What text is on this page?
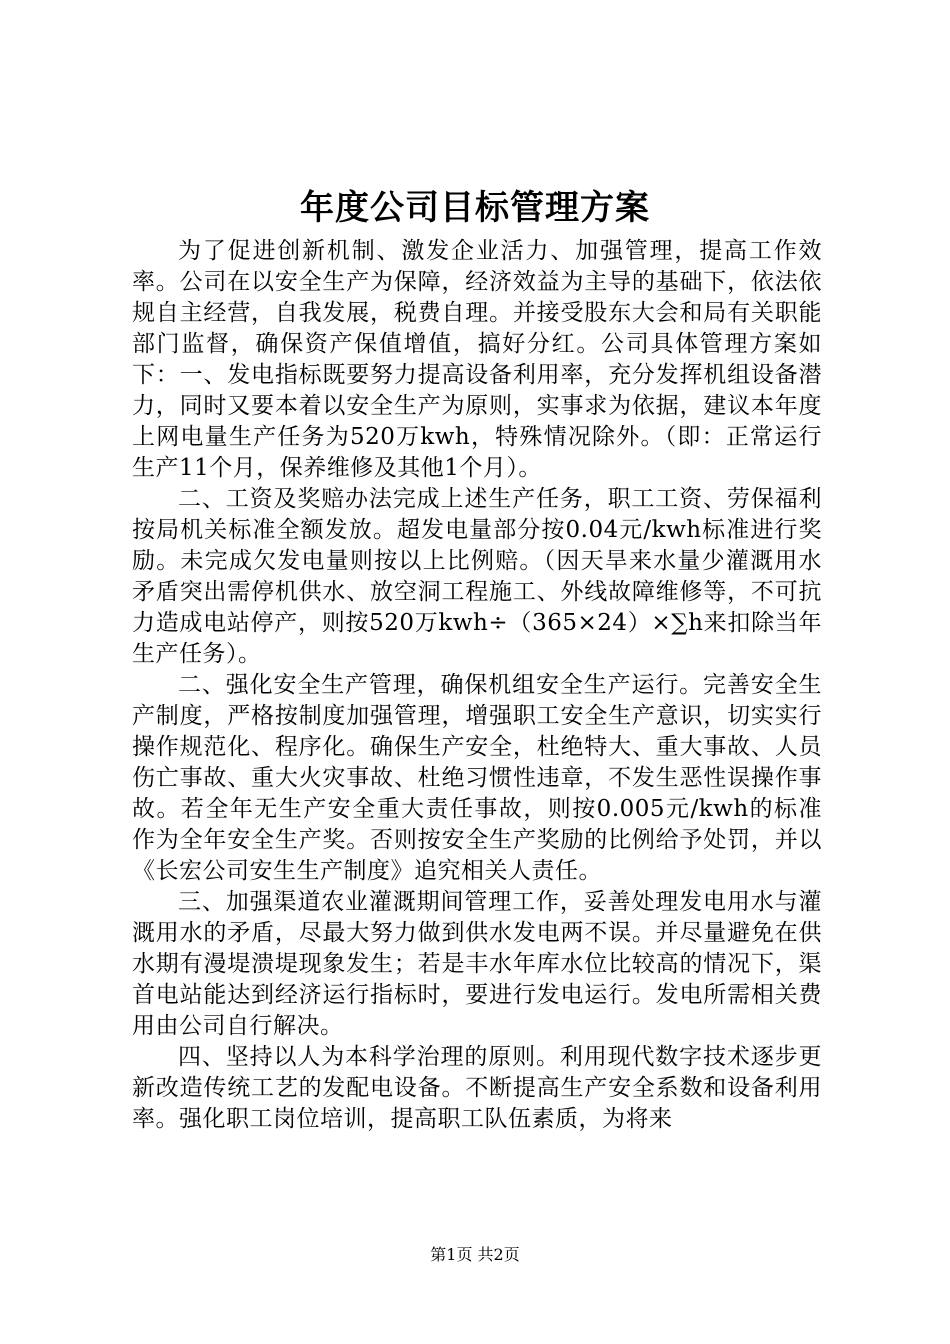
年度公司目标管理方案

为了促进创新机制、激发企业活力、加强管理，提高工作效率。公司在以安全生产为保障，经济效益为主导的基础下，依法依规自主经营，自我发展，税费自理。并接受股东大会和局有关职能部门监督，确保资产保值增值，搞好分红。公司具体管理方案如下：一、发电指标既要努力提高设备利用率，充分发挥机组设备潜力，同时又要本着以安全生产为原则，实事求为依据，建议本年度上网电量生产任务为520万kwh，特殊情况除外。（即：正常运行生产11个月，保养维修及其他1个月）。

二、工资及奖赔办法完成上述生产任务，职工工资、劳保福利按局机关标准全额发放。超发电量部分按0.04元/kwh标准进行奖励。未完成欠发电量则按以上比例赔。（因天旱来水量少灌溉用水矛盾突出需停机供水、放空洞工程施工、外线故障维修等，不可抗力造成电站停产，则按520万kwh÷（365×24）×∑h来扣除当年生产任务）。

二、强化安全生产管理，确保机组安全生产运行。完善安全生产制度，严格按制度加强管理，增强职工安全生产意识，切实实行操作规范化、程序化。确保生产安全，杜绝特大、重大事故、人员伤亡事故、重大火灾事故、杜绝习惯性违章，不发生恶性误操作事故。若全年无生产安全重大责任事故，则按0.005元/kwh的标准作为全年安全生产奖。否则按安全生产奖励的比例给予处罚，并以《长宏公司安生生产制度》追究相关人责任。

三、加强渠道农业灌溉期间管理工作，妥善处理发电用水与灌溉用水的矛盾，尽最大努力做到供水发电两不误。并尽量避免在供水期有漫堤溃堤现象发生；若是丰水年库水位比较高的情况下，渠首电站能达到经济运行指标时，要进行发电运行。发电所需相关费用由公司自行解决。

四、坚持以人为本科学治理的原则。利用现代数字技术逐步更新改造传统工艺的发配电设备。不断提高生产安全系数和设备利用率。强化职工岗位培训，提高职工队伍素质，为将来

第1页 共2页
